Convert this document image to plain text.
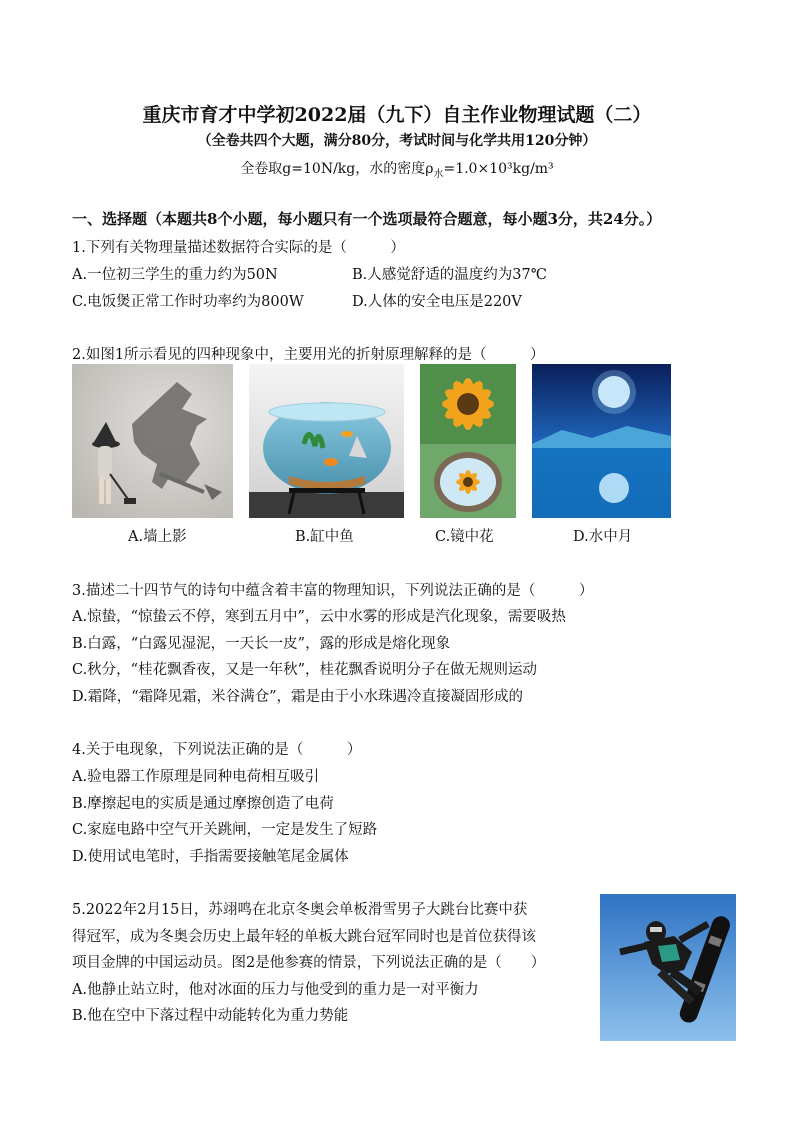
重庆市育才中学初2022届（九下）自主作业物理试题（二）
（全卷共四个大题，满分80分，考试时间与化学共用120分钟）
全卷取g=10N/kg，水的密度$\rho_水=1.0\times 10^3kg/m^3$
一、选择题（本题共8个小题，每小题只有一个选项最符合题意，每小题3分，共24分。）
1.下列有关物理量描述数据符合实际的是（　　　）
A.一位初三学生的重力约为50N	B.人感觉舒适的温度约为37℃
C.电饭煲正常工作时功率约为800W	D.人体的安全电压是220V
2.如图1所示看见的四种现象中，主要用光的折射原理解释的是（　　　）
A.墙上影	B.缸中鱼	C.镜中花	D.水中月
3.描述二十四节气的诗句中蕴含着丰富的物理知识，下列说法正确的是（　　　）
A.惊蛰，“惊蛰云不停，寒到五月中”，云中水雾的形成是汽化现象，需要吸热
B.白露，“白露见湿泥，一天长一皮”，露的形成是熔化现象
C.秋分，“桂花飘香夜，又是一年秋”，桂花飘香说明分子在做无规则运动
D.霜降，“霜降见霜，米谷满仓”，霜是由于小水珠遇冷直接凝固形成的
4.关于电现象，下列说法正确的是（　　　）
A.验电器工作原理是同种电荷相互吸引
B.摩擦起电的实质是通过摩擦创造了电荷
C.家庭电路中空气开关跳闸，一定是发生了短路
D.使用试电笔时，手指需要接触笔尾金属体
5.2022年2月15日，苏翊鸣在北京冬奥会单板滑雪男子大跳台比赛中获
得冠军，成为冬奥会历史上最年轻的单板大跳台冠军同时也是首位获得该
项目金牌的中国运动员。图2是他参赛的情景，下列说法正确的是（　　）
A.他静止站立时，他对冰面的压力与他受到的重力是一对平衡力
B.他在空中下落过程中动能转化为重力势能
